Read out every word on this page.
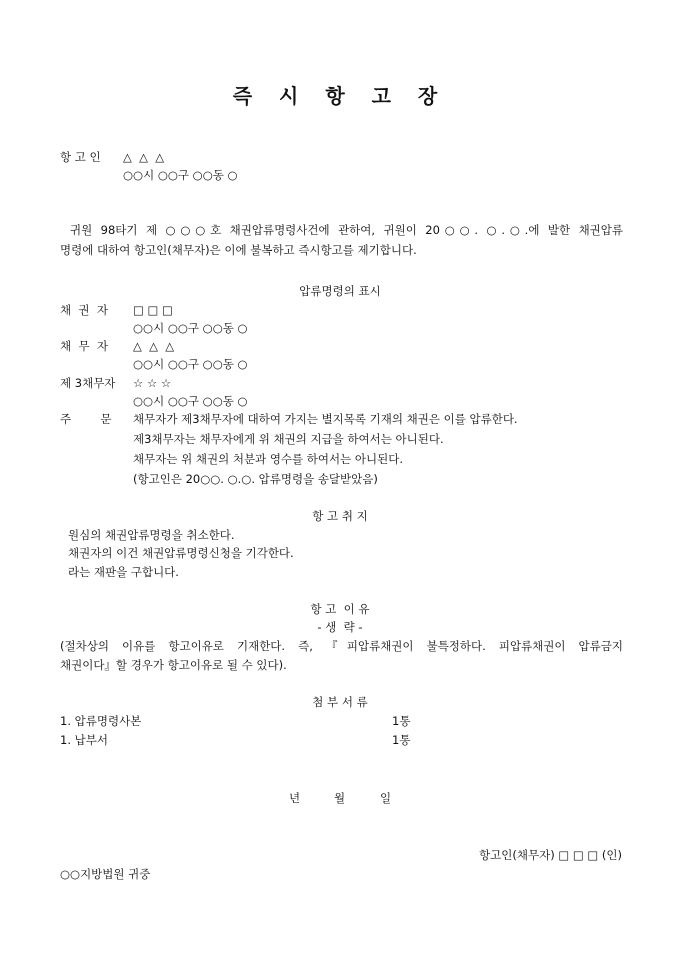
즉 시 항 고 장
항 고 인 △  △  △
○○시 ○○구 ○○동 ○
귀원 98타기 제 ○○○호 채권압류명령사건에 관하여, 귀원이 20○○. ○.○.에 발한 채권압류
명령에 대하여 항고인(채무자)은 이에 불복하고 즉시항고를 제기합니다.
압류명령의 표시
채  권  자 □ □ □
○○시 ○○구 ○○동 ○
채  무  자 △  △  △
○○시 ○○구 ○○동 ○
제 3채무자 ☆ ☆ ☆
○○시 ○○구 ○○동 ○
주        문 채무자가 제3채무자에 대하여 가지는 별지목록 기재의 채권은 이를 압류한다.
제3채무자는 채무자에게 위 채권의 지급을 하여서는 아니된다.
채무자는 위 채권의 처분과 영수를 하여서는 아니된다.
(항고인은 20○○. ○.○. 압류명령을 송달받았음)
항 고 취 지
원심의 채권압류명령을 취소한다.
채권자의 이건 채권압류명령신청을 기각한다.
라는 재판을 구합니다.
항 고  이 유
- 생  략 -
(절차상의 이유를 항고이유로 기재한다. 즉, 『피압류채권이 불특정하다. 피압류채권이 압류금지
채권이다』할 경우가 항고이유로 될 수 있다).
첨 부 서 류
1. 압류명령사본	1통
1. 납부서	1통
년	월	일
항고인(채무자) □ □ □ (인)
○○지방법원 귀중
